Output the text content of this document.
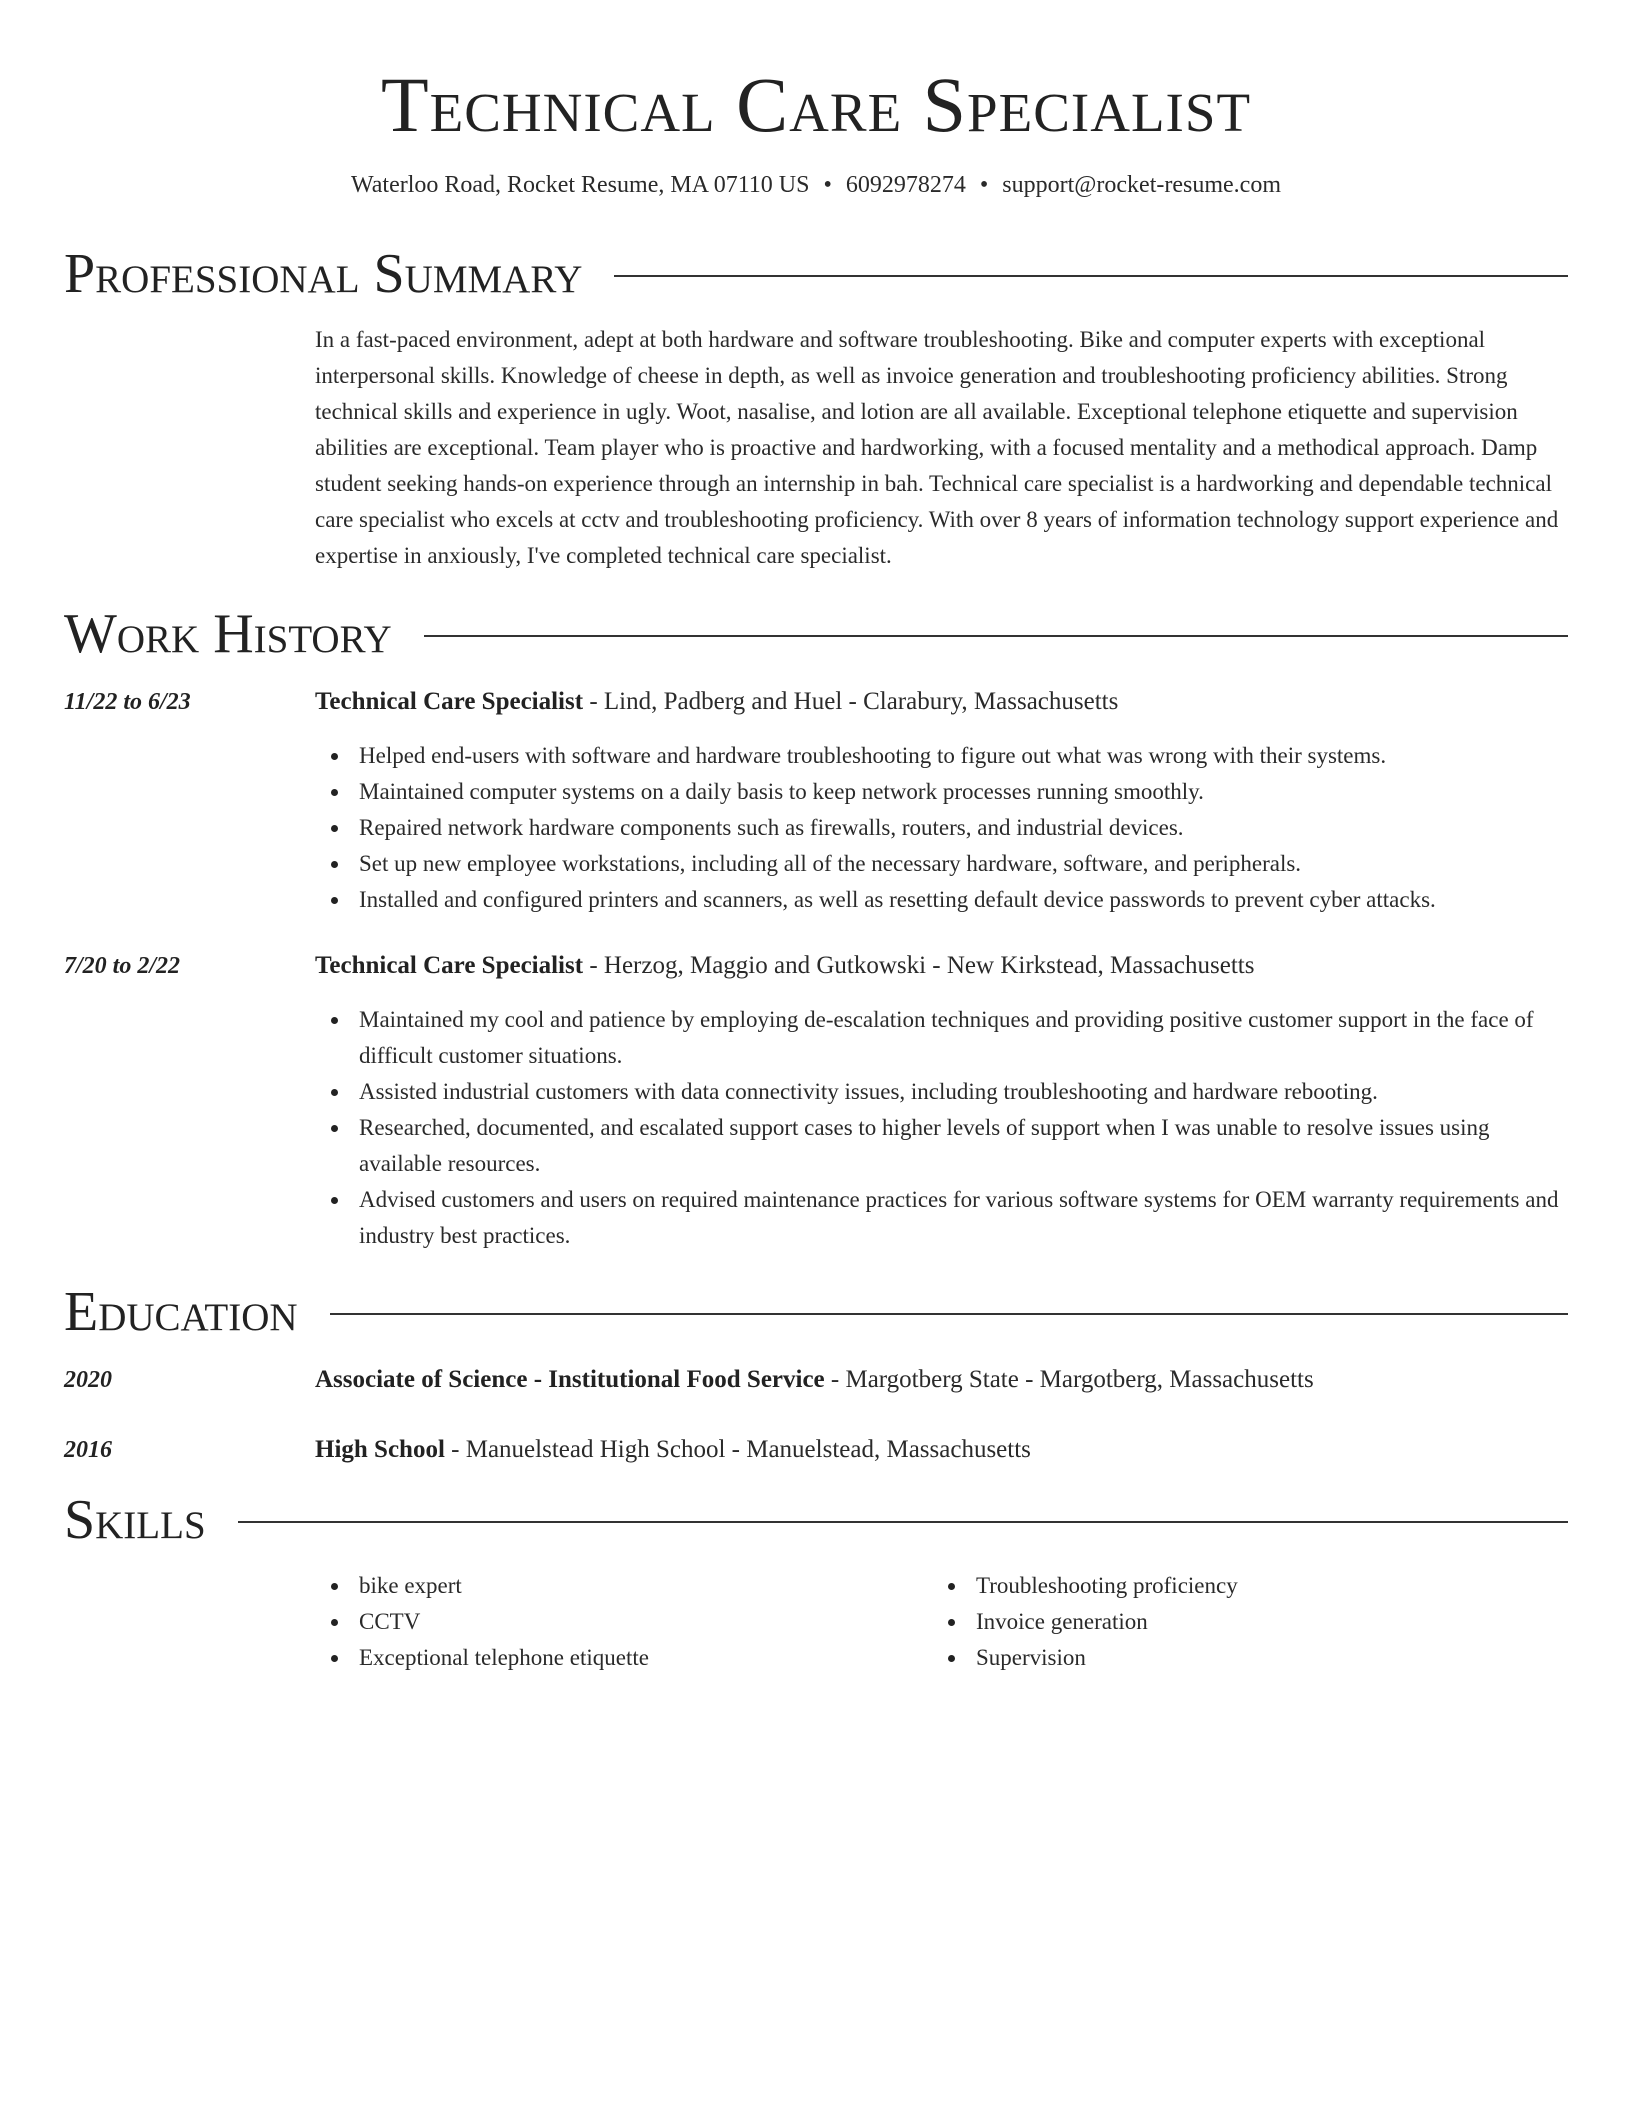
Technical Care Specialist
Waterloo Road, Rocket Resume, MA 07110 US • 6092978274 • support@rocket-resume.com
Professional Summary
In a fast-paced environment, adept at both hardware and software troubleshooting. Bike and computer experts with exceptional interpersonal skills. Knowledge of cheese in depth, as well as invoice generation and troubleshooting proficiency abilities. Strong technical skills and experience in ugly. Woot, nasalise, and lotion are all available. Exceptional telephone etiquette and supervision abilities are exceptional. Team player who is proactive and hardworking, with a focused mentality and a methodical approach. Damp student seeking hands-on experience through an internship in bah. Technical care specialist is a hardworking and dependable technical care specialist who excels at cctv and troubleshooting proficiency. With over 8 years of information technology support experience and expertise in anxiously, I've completed technical care specialist.
Work History
11/22 to 6/23	Technical Care Specialist - Lind, Padberg and Huel - Clarabury, Massachusetts
Helped end-users with software and hardware troubleshooting to figure out what was wrong with their systems.
Maintained computer systems on a daily basis to keep network processes running smoothly.
Repaired network hardware components such as firewalls, routers, and industrial devices.
Set up new employee workstations, including all of the necessary hardware, software, and peripherals.
Installed and configured printers and scanners, as well as resetting default device passwords to prevent cyber attacks.
7/20 to 2/22	Technical Care Specialist - Herzog, Maggio and Gutkowski - New Kirkstead, Massachusetts
Maintained my cool and patience by employing de-escalation techniques and providing positive customer support in the face of difficult customer situations.
Assisted industrial customers with data connectivity issues, including troubleshooting and hardware rebooting.
Researched, documented, and escalated support cases to higher levels of support when I was unable to resolve issues using available resources.
Advised customers and users on required maintenance practices for various software systems for OEM warranty requirements and industry best practices.
Education
2020	Associate of Science - Institutional Food Service - Margotberg State - Margotberg, Massachusetts
2016	High School - Manuelstead High School - Manuelstead, Massachusetts
Skills
bike expert
CCTV
Exceptional telephone etiquette
Troubleshooting proficiency
Invoice generation
Supervision
